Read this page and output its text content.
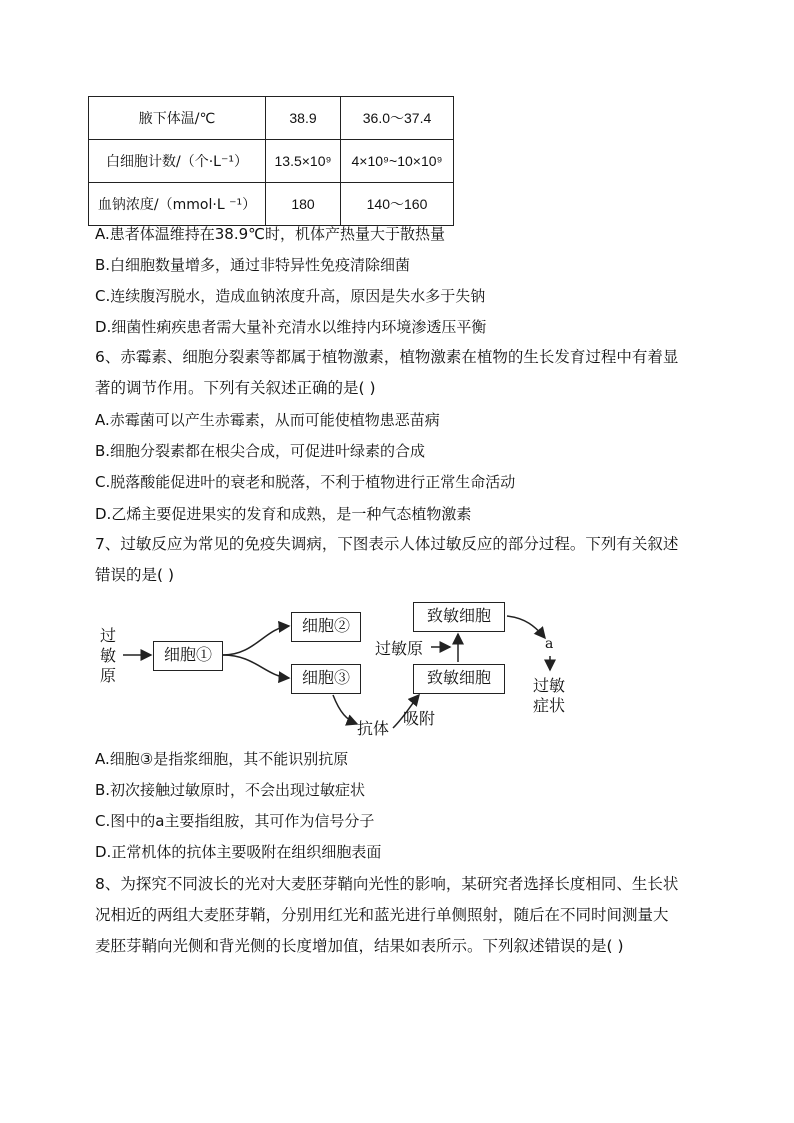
腋下体温/℃	38.9	36.0～37.4
白细胞计数/（个·L⁻¹）	13.5×10⁹	4×10⁹~10×10⁹
血钠浓度/（mmol·L ⁻¹）	180	140～160
A.患者体温维持在38.9℃时，机体产热量大于散热量
B.白细胞数量增多，通过非特异性免疫清除细菌
C.连续腹泻脱水，造成血钠浓度升高，原因是失水多于失钠
D.细菌性痢疾患者需大量补充清水以维持内环境渗透压平衡
6、赤霉素、细胞分裂素等都属于植物激素，植物激素在植物的生长发育过程中有着显
著的调节作用。下列有关叙述正确的是( )
A.赤霉菌可以产生赤霉素，从而可能使植物患恶苗病
B.细胞分裂素都在根尖合成，可促进叶绿素的合成
C.脱落酸能促进叶的衰老和脱落，不利于植物进行正常生命活动
D.乙烯主要促进果实的发育和成熟，是一种气态植物激素
7、过敏反应为常见的免疫失调病，下图表示人体过敏反应的部分过程。下列有关叙述
错误的是( )
过敏原
细胞①
细胞②
细胞③
致敏细胞
致敏细胞
过敏原
抗体
吸附
a
过敏症状
A.细胞③是指浆细胞，其不能识别抗原
B.初次接触过敏原时，不会出现过敏症状
C.图中的a主要指组胺，其可作为信号分子
D.正常机体的抗体主要吸附在组织细胞表面
8、为探究不同波长的光对大麦胚芽鞘向光性的影响，某研究者选择长度相同、生长状
况相近的两组大麦胚芽鞘，分别用红光和蓝光进行单侧照射，随后在不同时间测量大
麦胚芽鞘向光侧和背光侧的长度增加值，结果如表所示。下列叙述错误的是( )
